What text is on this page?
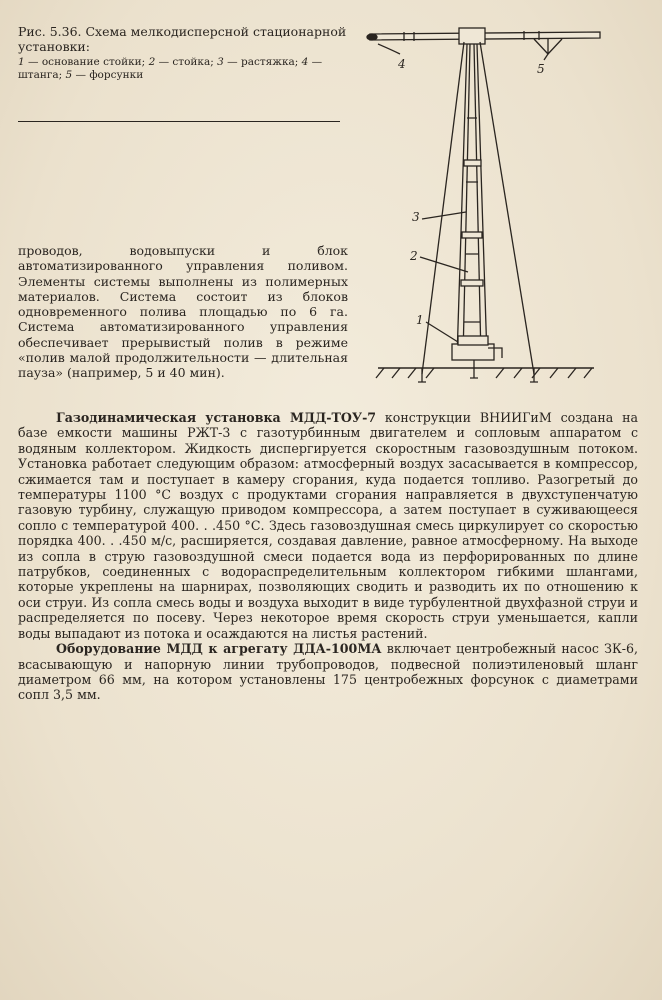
Рис. 5.36. Схема мелкодисперсной стационарной установки:
1 — основание стойки; 2 — стойка; 3 — растяжка; 4 — штанга; 5 — форсунки
4	5
3
2
1

проводов, водовыпуски и блок автоматизированного управления поливом. Элементы системы выполнены из полимерных материалов. Система состоит из блоков одновременного полива площадью по 6 га. Система автоматизированного управления обеспечивает прерывистый полив в режиме «полив малой продолжительности — длительная пауза» (например, 5 и 40 мин).

Газодинамическая установка МДД-ТОУ-7 конструкции ВНИИГиМ создана на базе емкости машины РЖТ-3 с газотурбинным двигателем и сопловым аппаратом с водяным коллектором. Жидкость диспергируется скоростным газовоздушным потоком. Установка работает следующим образом: атмосферный воздух засасывается в компрессор, сжимается там и поступает в камеру сгорания, куда подается топливо. Разогретый до температуры 1100 °С воздух с продуктами сгорания направляется в двухступенчатую газовую турбину, служащую приводом компрессора, а затем поступает в суживающееся сопло с температурой 400. . .450 °С. Здесь газовоздушная смесь циркулирует со скоростью порядка 400. . .450 м/с, расширяется, создавая давление, равное атмосферному. На выходе из сопла в струю газовоздушной смеси подается вода из перфорированных по длине патрубков, соединенных с водораспределительным коллектором гибкими шлангами, которые укреплены на шарнирах, позволяющих сводить и разводить их по отношению к оси струи. Из сопла смесь воды и воздуха выходит в виде турбулентной двухфазной струи и распределяется по посеву. Через некоторое время скорость струи уменьшается, капли воды выпадают из потока и осаждаются на листья растений.

Оборудование МДД к агрегату ДДА-100МА включает центробежный насос ЗК-6, всасывающую и напорную линии трубопроводов, подвесной полиэтиленовый шланг диаметром 66 мм, на котором установлены 175 центробежных форсунок с диаметрами сопл 3,5 мм.
